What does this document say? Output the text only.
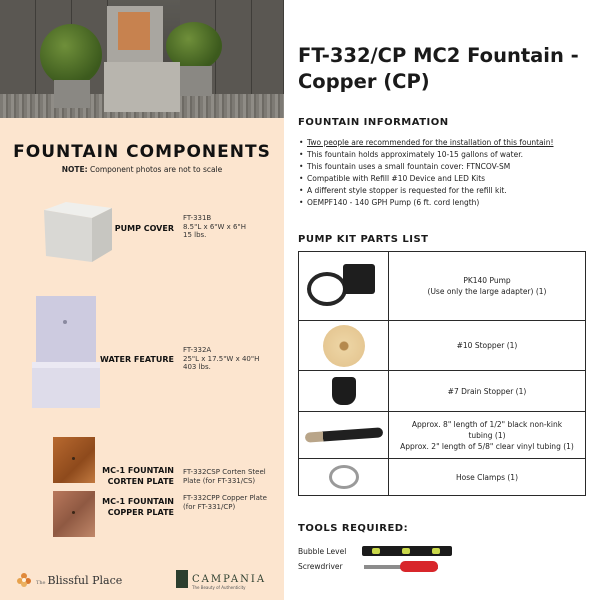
FOUNTAIN COMPONENTS
NOTE: Component photos are not to scale
PUMP COVER
FT-331B
8.5"L x 6"W x 6"H
15 lbs.
WATER FEATURE
FT-332A
25"L x 17.5"W x 40"H
403 lbs.
MC-1 FOUNTAIN
CORTEN PLATE
FT-332CSP Corten Steel
Plate (for FT-331/CS)
MC-1 FOUNTAIN
COPPER PLATE
FT-332CPP Copper Plate
(for FT-331/CP)
The Blissful Place	CAMPANIA
The Beauty of Authenticity
FT-332/CP MC2 Fountain - Copper (CP)
FOUNTAIN INFORMATION
• Two people are recommended for the installation of this fountain!
• This fountain holds approximately 10-15 gallons of water.
• This fountain uses a small fountain cover: FTNCOV-SM
• Compatible with Refill #10 Device and LED Kits
• A different style stopper is requested for the refill kit.
• OEMPF140 - 140 GPH Pump (6 ft. cord length)
PUMP KIT PARTS LIST

	PK140 Pump
(Use only the large adapter) (1)

	#10 Stopper (1)

	#7 Drain Stopper (1)

	Approx. 8" length of 1/2" black non-kink
tubing (1)
Approx. 2" length of 5/8" clear vinyl tubing (1)

	Hose Clamps (1)
TOOLS REQUIRED:
Bubble Level
Screwdriver
